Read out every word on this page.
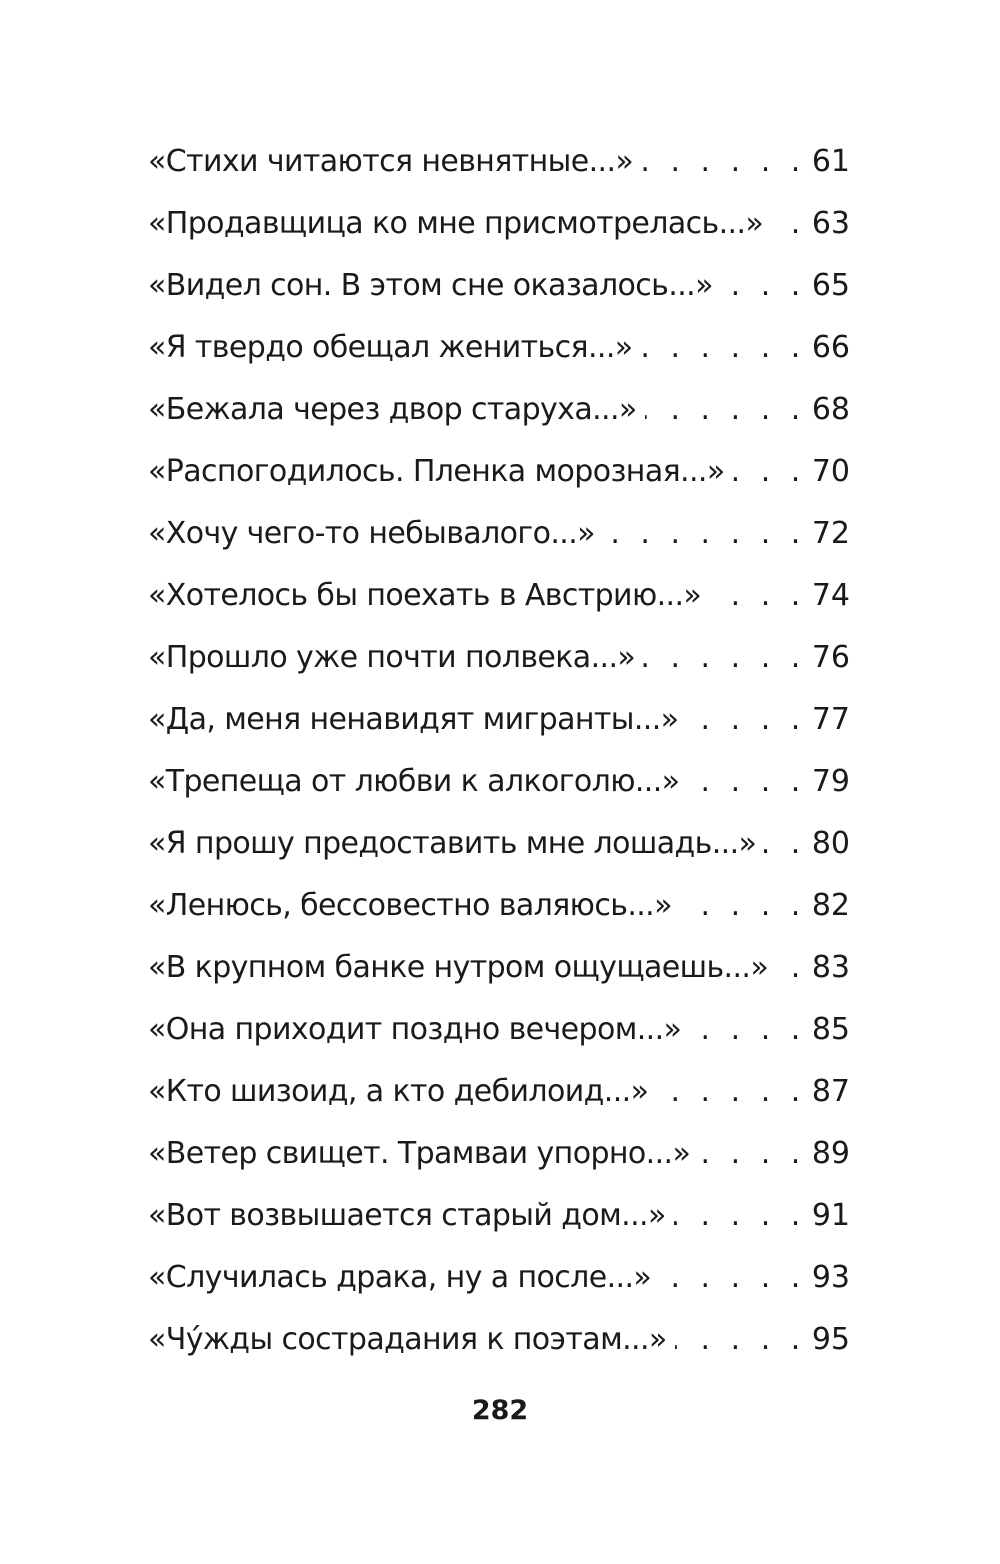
«Стихи читаются невнятные...» . . .	61
«Продавщица ко мне присмотрелась...» . . . 63
«Видел сон. В этом сне оказалось...» . . .	65
«Я твердо обещал жениться...» . . .	66
«Бежала через двор старуха...» . . .	68
«Распогодилось. Пленка морозная...» . . .	70
«Хочу чего-то небывалого...» . . .	72
«Хотелось бы поехать в Австрию...» . . .	74
«Прошло уже почти полвека...» . . .	76
«Да, меня ненавидят мигранты...» . . .	77
«Трепеща от любви к алкоголю...» . . .	79
«Я прошу предоставить мне лошадь...» . . . 80
«Ленюсь, бессовестно валяюсь...» . . .	82
«В крупном банке нутром ощущаешь...» . . . 83
«Она приходит поздно вечером...» . . .	85
«Кто шизоид, а кто дебилоид...» . . .	87
«Ветер свищет. Трамваи упорно...» . . .	89
«Вот возвышается старый дом...» . . .	91
«Случилась драка, ну а после...» . . .	93
«Чу́жды сострадания к поэтам...» . . .	95
282
